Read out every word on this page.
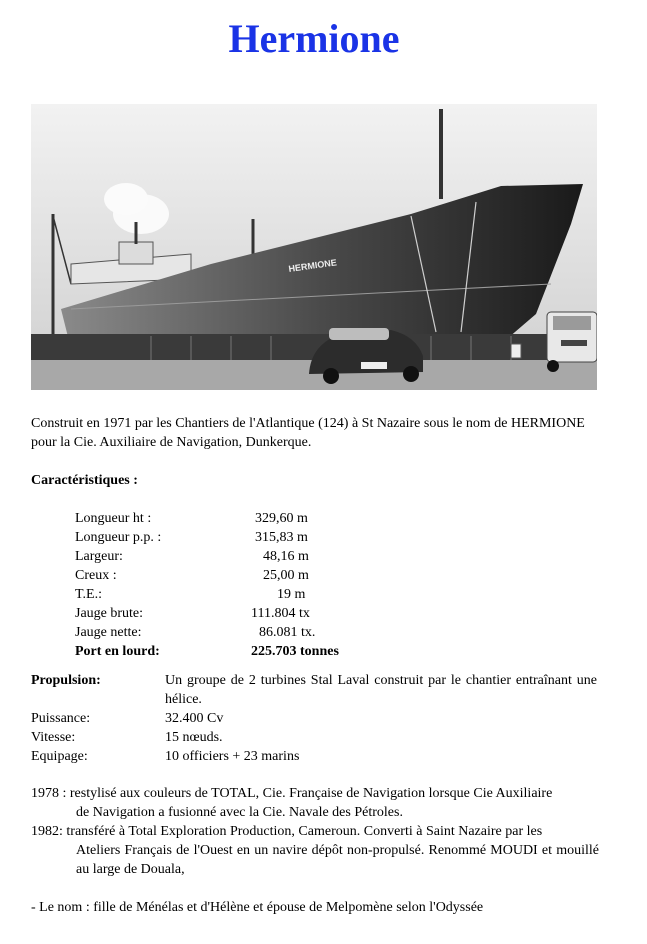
Hermione
HERMIONE

Construit en 1971 par les Chantiers de l'Atlantique (124) à St Nazaire sous le nom de HERMIONE pour la Cie. Auxiliaire de Navigation, Dunkerque.

Caractéristiques :
Longueur ht :	329,60 m
Longueur p.p. :	315,83 m
Largeur:	48,16 m
Creux :	25,00 m
T.E.:	19 m
Jauge brute:	111.804 tx
Jauge nette:	86.081 tx.
Port en lourd:	225.703 tonnes
Propulsion:	Un groupe de 2 turbines Stal Laval construit par le chantier entraînant une hélice.
Puissance:	32.400 Cv
Vitesse:	15 nœuds.
Equipage:	10 officiers + 23 marins
1978 : restylisé aux couleurs de TOTAL, Cie. Française de Navigation lorsque Cie Auxiliaire
de Navigation a fusionné avec la Cie. Navale des Pétroles.
1982: transféré à Total Exploration Production, Cameroun. Converti à Saint Nazaire par les
Ateliers Français de l'Ouest en un navire dépôt non-propulsé. Renommé MOUDI et mouillé au large de Douala,
- Le nom : fille de Ménélas et d'Hélène et épouse de Melpomène selon l'Odyssée
